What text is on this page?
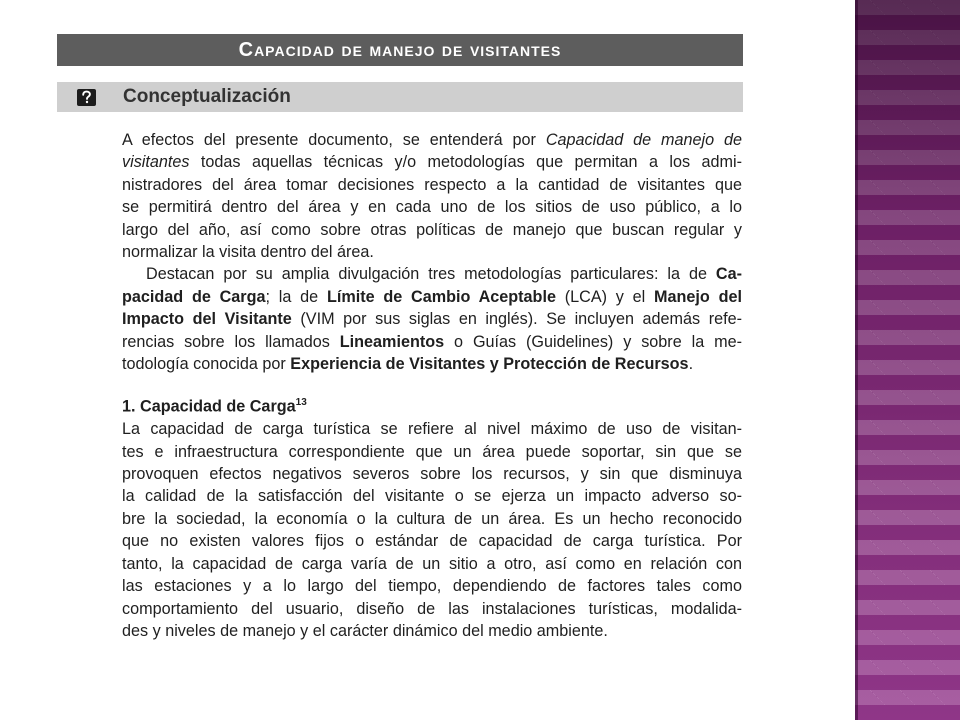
Capacidad de manejo de visitantes
Conceptualización
A efectos del presente documento, se entenderá por Capacidad de manejo de
visitantes todas aquellas técnicas y/o metodologías que permitan a los admi-
nistradores del área tomar decisiones respecto a la cantidad de visitantes que
se permitirá dentro del área y en cada uno de los sitios de uso público, a lo
largo del año, así como sobre otras políticas de manejo que buscan regular y
normalizar la visita dentro del área.
Destacan por su amplia divulgación tres metodologías particulares: la de Ca-
pacidad de Carga; la de Límite de Cambio Aceptable (LCA) y el Manejo del
Impacto del Visitante (VIM por sus siglas en inglés). Se incluyen además refe-
rencias sobre los llamados Lineamientos o Guías (Guidelines) y sobre la me-
todología conocida por Experiencia de Visitantes y Protección de Recursos.
1. Capacidad de Carga$^{13}$
La capacidad de carga turística se refiere al nivel máximo de uso de visitan-
tes e infraestructura correspondiente que un área puede soportar, sin que se
provoquen efectos negativos severos sobre los recursos, y sin que disminuya
la calidad de la satisfacción del visitante o se ejerza un impacto adverso so-
bre la sociedad, la economía o la cultura de un área. Es un hecho reconocido
que no existen valores fijos o estándar de capacidad de carga turística. Por
tanto, la capacidad de carga varía de un sitio a otro, así como en relación con
las estaciones y a lo largo del tiempo, dependiendo de factores tales como
comportamiento del usuario, diseño de las instalaciones turísticas, modalida-
des y niveles de manejo y el carácter dinámico del medio ambiente.
